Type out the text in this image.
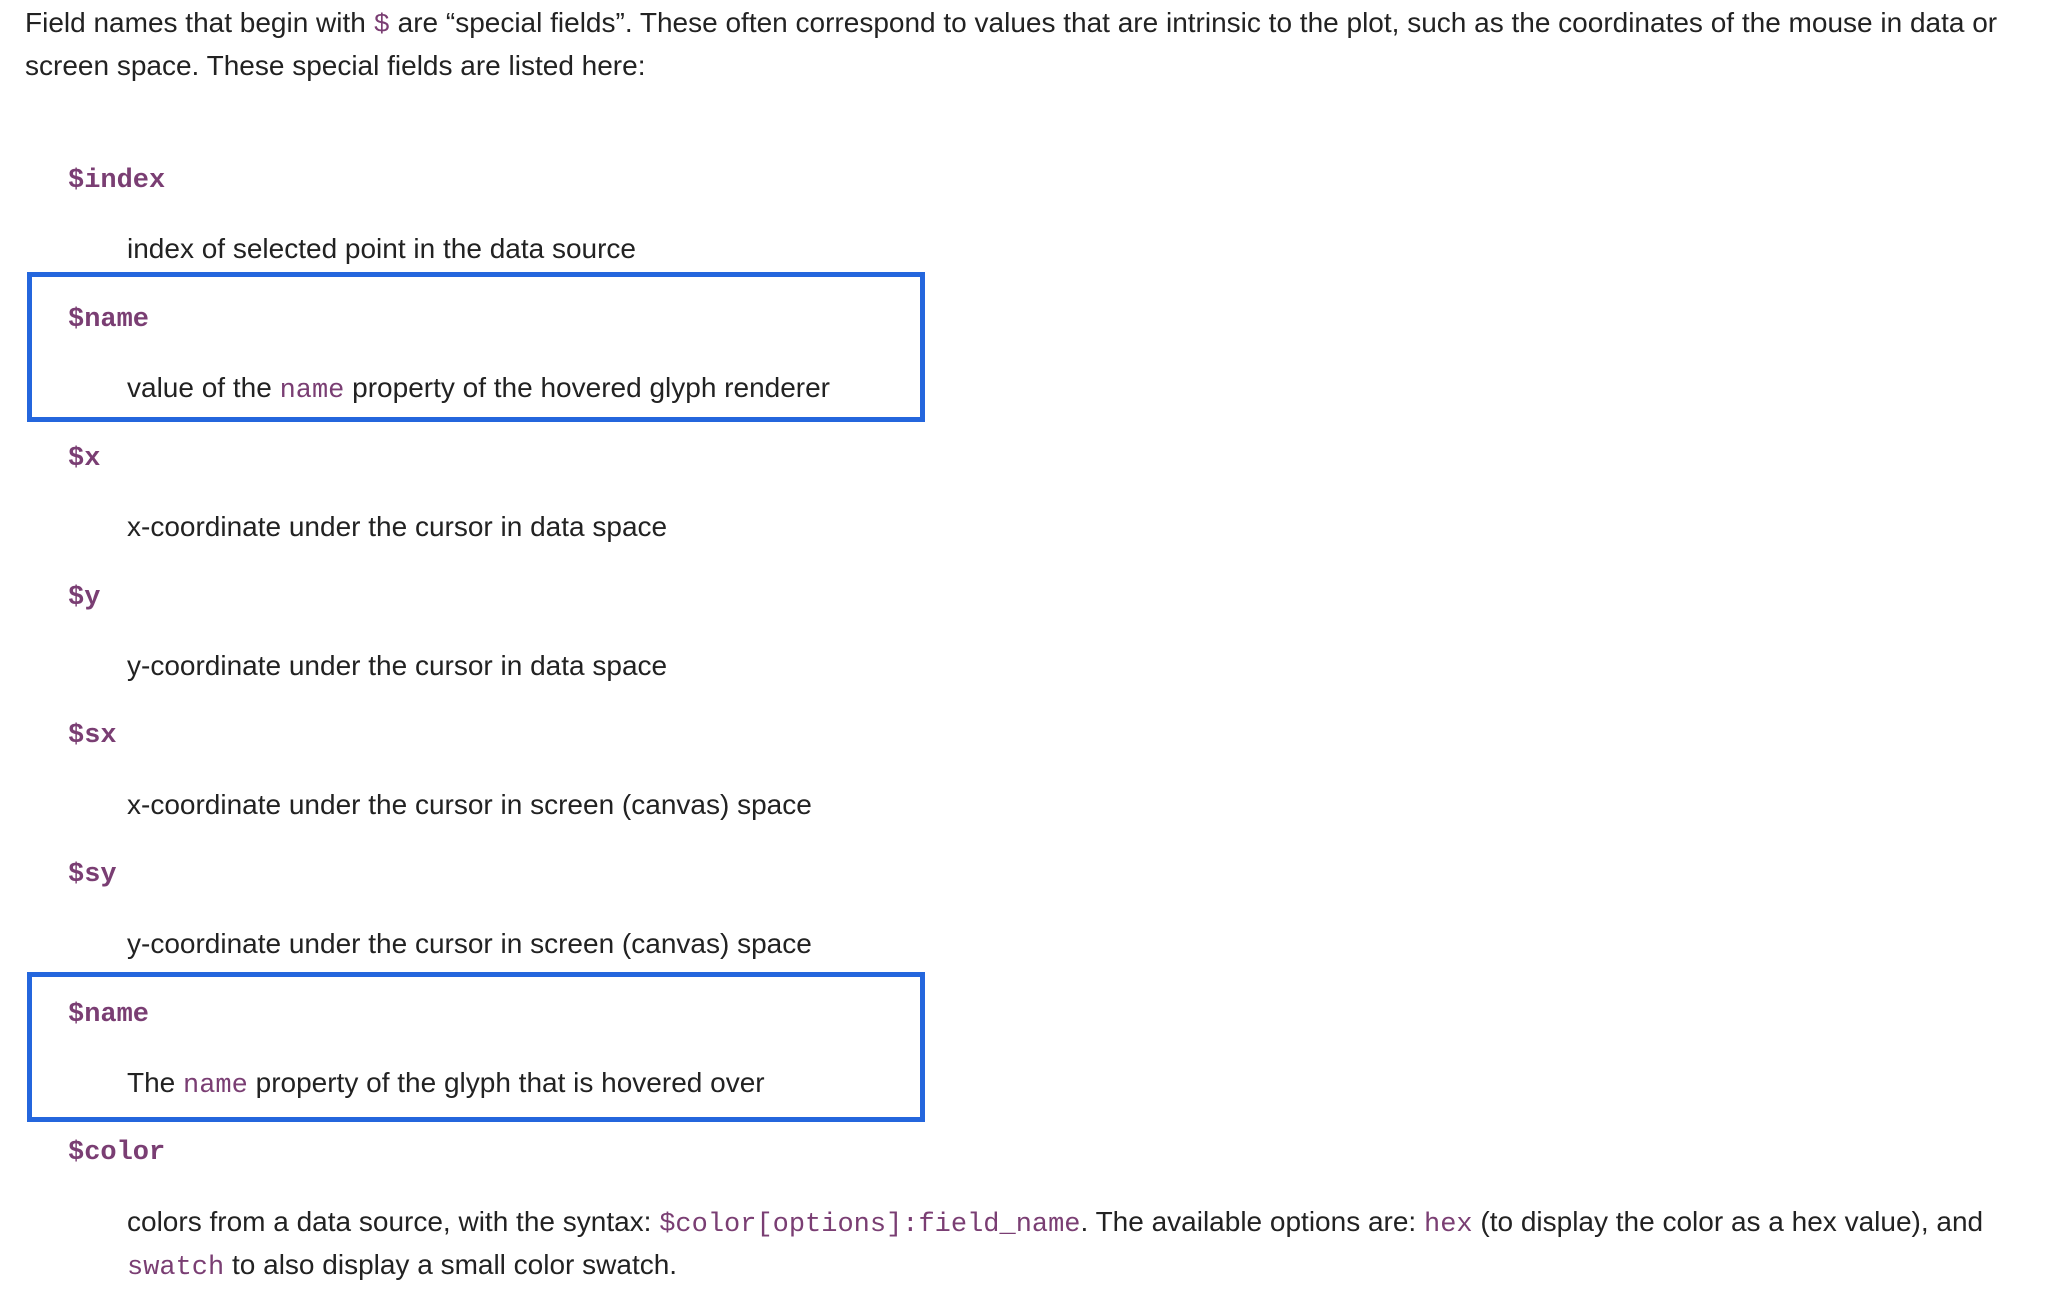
Field names that begin with $ are “special fields”. These often correspond to values that are intrinsic to the plot, such as the coordinates of the mouse in data or screen space. These special fields are listed here:

$index
index of selected point in the data source
$name
value of the name property of the hovered glyph renderer
$x
x-coordinate under the cursor in data space
$y
y-coordinate under the cursor in data space
$sx
x-coordinate under the cursor in screen (canvas) space
$sy
y-coordinate under the cursor in screen (canvas) space
$name
The name property of the glyph that is hovered over
$color
colors from a data source, with the syntax: $color[options]:field_name. The available options are: hex (to display the color as a hex value), and swatch to also display a small color swatch.
